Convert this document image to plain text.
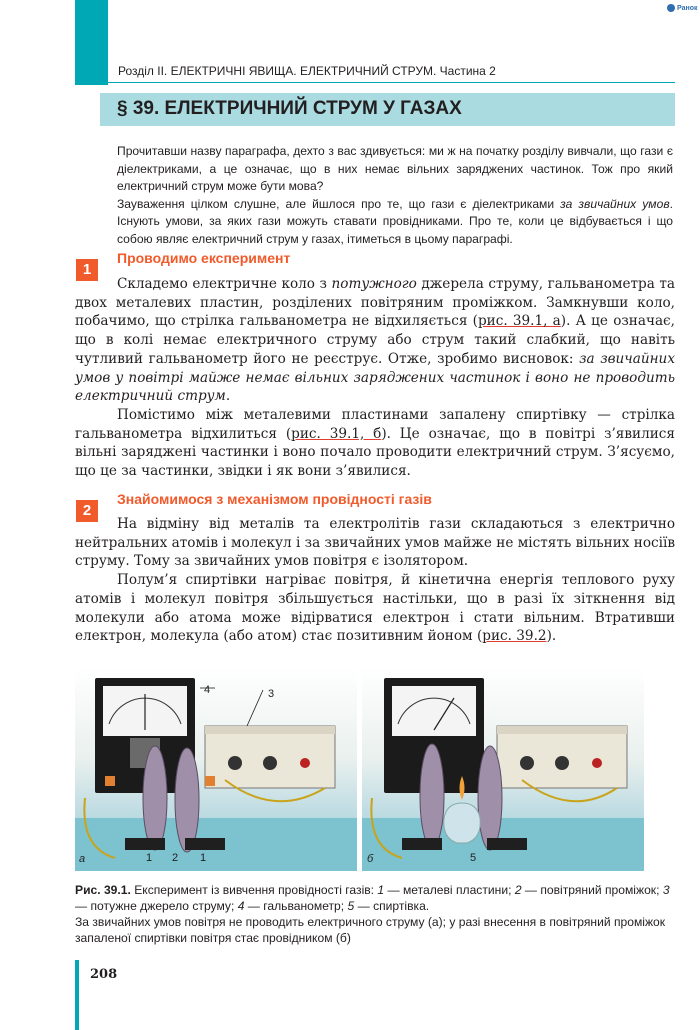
Ранок
Розділ II. ЕЛЕКТРИЧНІ ЯВИЩА. ЕЛЕКТРИЧНИЙ СТРУМ. Частина 2
§ 39. ЕЛЕКТРИЧНИЙ СТРУМ У ГАЗАХ

Прочитавши назву параграфа, дехто з вас здивується: ми ж на початку розділу вивчали, що гази є діелектриками, а це означає, що в них немає вільних заряджених частинок. Тож про який електричний струм може бути мова?

Зауваження цілком слушне, але йшлося про те, що гази є діелектриками за звичайних умов. Існують умови, за яких гази можуть ставати провідниками. Про те, коли це відбувається і що собою являє електричний струм у газах, ітиметься в цьому параграфі.

1
Проводимо експеримент

Складемо електричне коло з потужного джерела струму, гальванометра та двох металевих пластин, розділених повітряним проміжком. Замкнувши коло, побачимо, що стрілка гальванометра не відхиляється (рис. 39.1, а). А це означає, що в колі немає електричного струму або струм такий слабкий, що навіть чутливий гальванометр його не реєструє. Отже, зробимо висновок: за звичайних умов у повітрі майже немає вільних заряджених частинок і воно не проводить електричний струм.

Помістимо між металевими пластинами запалену спиртівку — стрілка гальванометра відхилиться (рис. 39.1, б). Це означає, що в повітрі з’явилися вільні заряджені частинки і воно почало проводити електричний струм. З’ясуємо, що це за частинки, звідки і як вони з’явилися.

2
Знайомимося з механізмом провідності газів

На відміну від металів та електролітів гази складаються з електрично нейтральних атомів і молекул і за звичайних умов майже не містять вільних носіїв струму. Тому за звичайних умов повітря є ізолятором.

Полум’я спиртівки нагріває повітря, й кінетична енергія теплового руху атомів і молекул повітря збільшується настільки, що в разі їх зіткнення від молекули або атома може відірватися електрон і стати вільним. Втративши електрон, молекула (або атом) стає позитивним йоном (рис. 39.2).

а
4	3
1 2 1	б	5

Рис. 39.1. Експеримент із вивчення провідності газів: 1 — металеві пластини; 2 — повітряний проміжок; 3 — потужне джерело струму; 4 — гальванометр; 5 — спиртівка.

За звичайних умов повітря не проводить електричного струму (а); у разі внесення в повітряний проміжок запаленої спиртівки повітря стає провідником (б)

208
